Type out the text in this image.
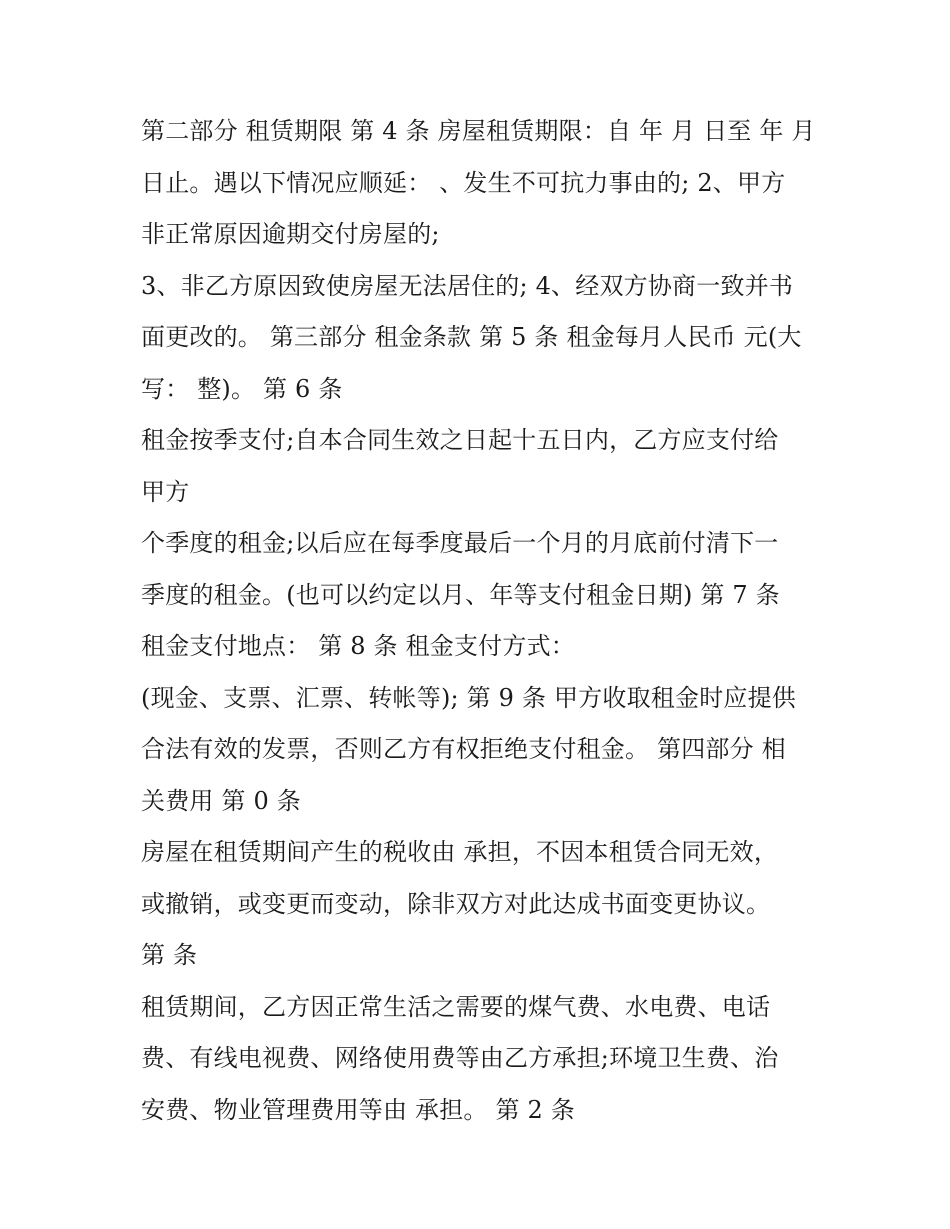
第二部分 租赁期限 第 4 条 房屋租赁期限：自 年 月 日至 年 月
日止。遇以下情况应顺延： 、发生不可抗力事由的; 2、甲方
非正常原因逾期交付房屋的;
3、非乙方原因致使房屋无法居住的; 4、经双方协商一致并书
面更改的。 第三部分 租金条款 第 5 条 租金每月人民币 元(大
写： 整)。 第 6 条
租金按季支付;自本合同生效之日起十五日内，乙方应支付给
甲方
个季度的租金;以后应在每季度最后一个月的月底前付清下一
季度的租金。(也可以约定以月、年等支付租金日期) 第 7 条
租金支付地点： 第 8 条 租金支付方式：
(现金、支票、汇票、转帐等); 第 9 条 甲方收取租金时应提供
合法有效的发票，否则乙方有权拒绝支付租金。 第四部分 相
关费用 第 0 条
房屋在租赁期间产生的税收由 承担，不因本租赁合同无效，
或撤销，或变更而变动，除非双方对此达成书面变更协议。
第 条
租赁期间，乙方因正常生活之需要的煤气费、水电费、电话
费、有线电视费、网络使用费等由乙方承担;环境卫生费、治
安费、物业管理费用等由 承担。 第 2 条
